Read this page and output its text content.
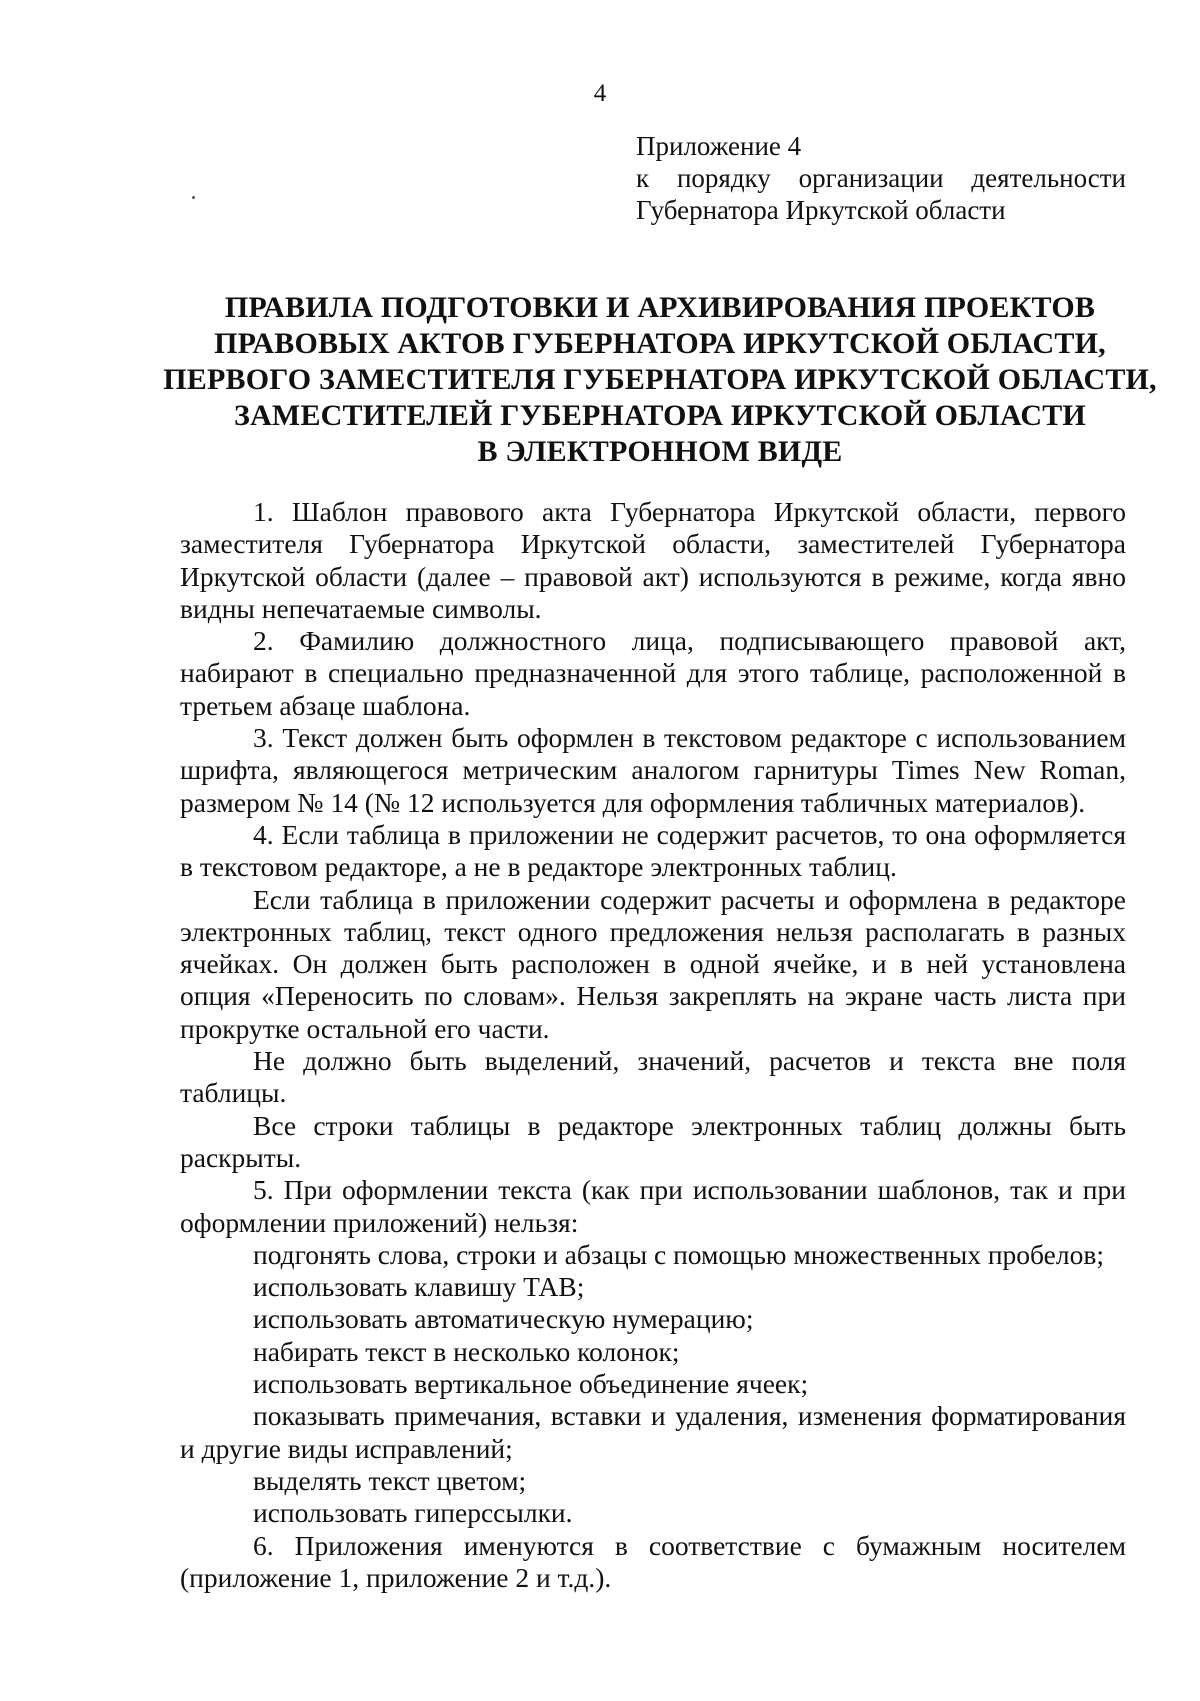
4
Приложение 4
к порядку организации деятельности
Губернатора Иркутской области
ПРАВИЛА ПОДГОТОВКИ И АРХИВИРОВАНИЯ ПРОЕКТОВ
ПРАВОВЫХ АКТОВ ГУБЕРНАТОРА ИРКУТСКОЙ ОБЛАСТИ,
ПЕРВОГО ЗАМЕСТИТЕЛЯ ГУБЕРНАТОРА ИРКУТСКОЙ ОБЛАСТИ,
ЗАМЕСТИТЕЛЕЙ ГУБЕРНАТОРА ИРКУТСКОЙ ОБЛАСТИ
В ЭЛЕКТРОННОМ ВИДЕ

1. Шаблон правового акта Губернатора Иркутской области, первого заместителя Губернатора Иркутской области, заместителей Губернатора Иркутской области (далее – правовой акт) используются в режиме, когда явно видны непечатаемые символы.

2. Фамилию должностного лица, подписывающего правовой акт, набирают в специально предназначенной для этого таблице, расположенной в третьем абзаце шаблона.

3. Текст должен быть оформлен в текстовом редакторе с использованием шрифта, являющегося метрическим аналогом гарнитуры Times New Roman, размером № 14 (№ 12 используется для оформления табличных материалов).

4. Если таблица в приложении не содержит расчетов, то она оформляется в текстовом редакторе, а не в редакторе электронных таблиц.

Если таблица в приложении содержит расчеты и оформлена в редакторе электронных таблиц, текст одного предложения нельзя располагать в разных ячейках. Он должен быть расположен в одной ячейке, и в ней установлена опция «Переносить по словам». Нельзя закреплять на экране часть листа при прокрутке остальной его части.

Не должно быть выделений, значений, расчетов и текста вне поля таблицы.

Все строки таблицы в редакторе электронных таблиц должны быть раскрыты.

5. При оформлении текста (как при использовании шаблонов, так и при оформлении приложений) нельзя:

подгонять слова, строки и абзацы с помощью множественных пробелов;

использовать клавишу ТАВ;

использовать автоматическую нумерацию;

набирать текст в несколько колонок;

использовать вертикальное объединение ячеек;

показывать примечания, вставки и удаления, изменения форматирования и другие виды исправлений;

выделять текст цветом;

использовать гиперссылки.

6. Приложения именуются в соответствие с бумажным носителем (приложение 1, приложение 2 и т.д.).
